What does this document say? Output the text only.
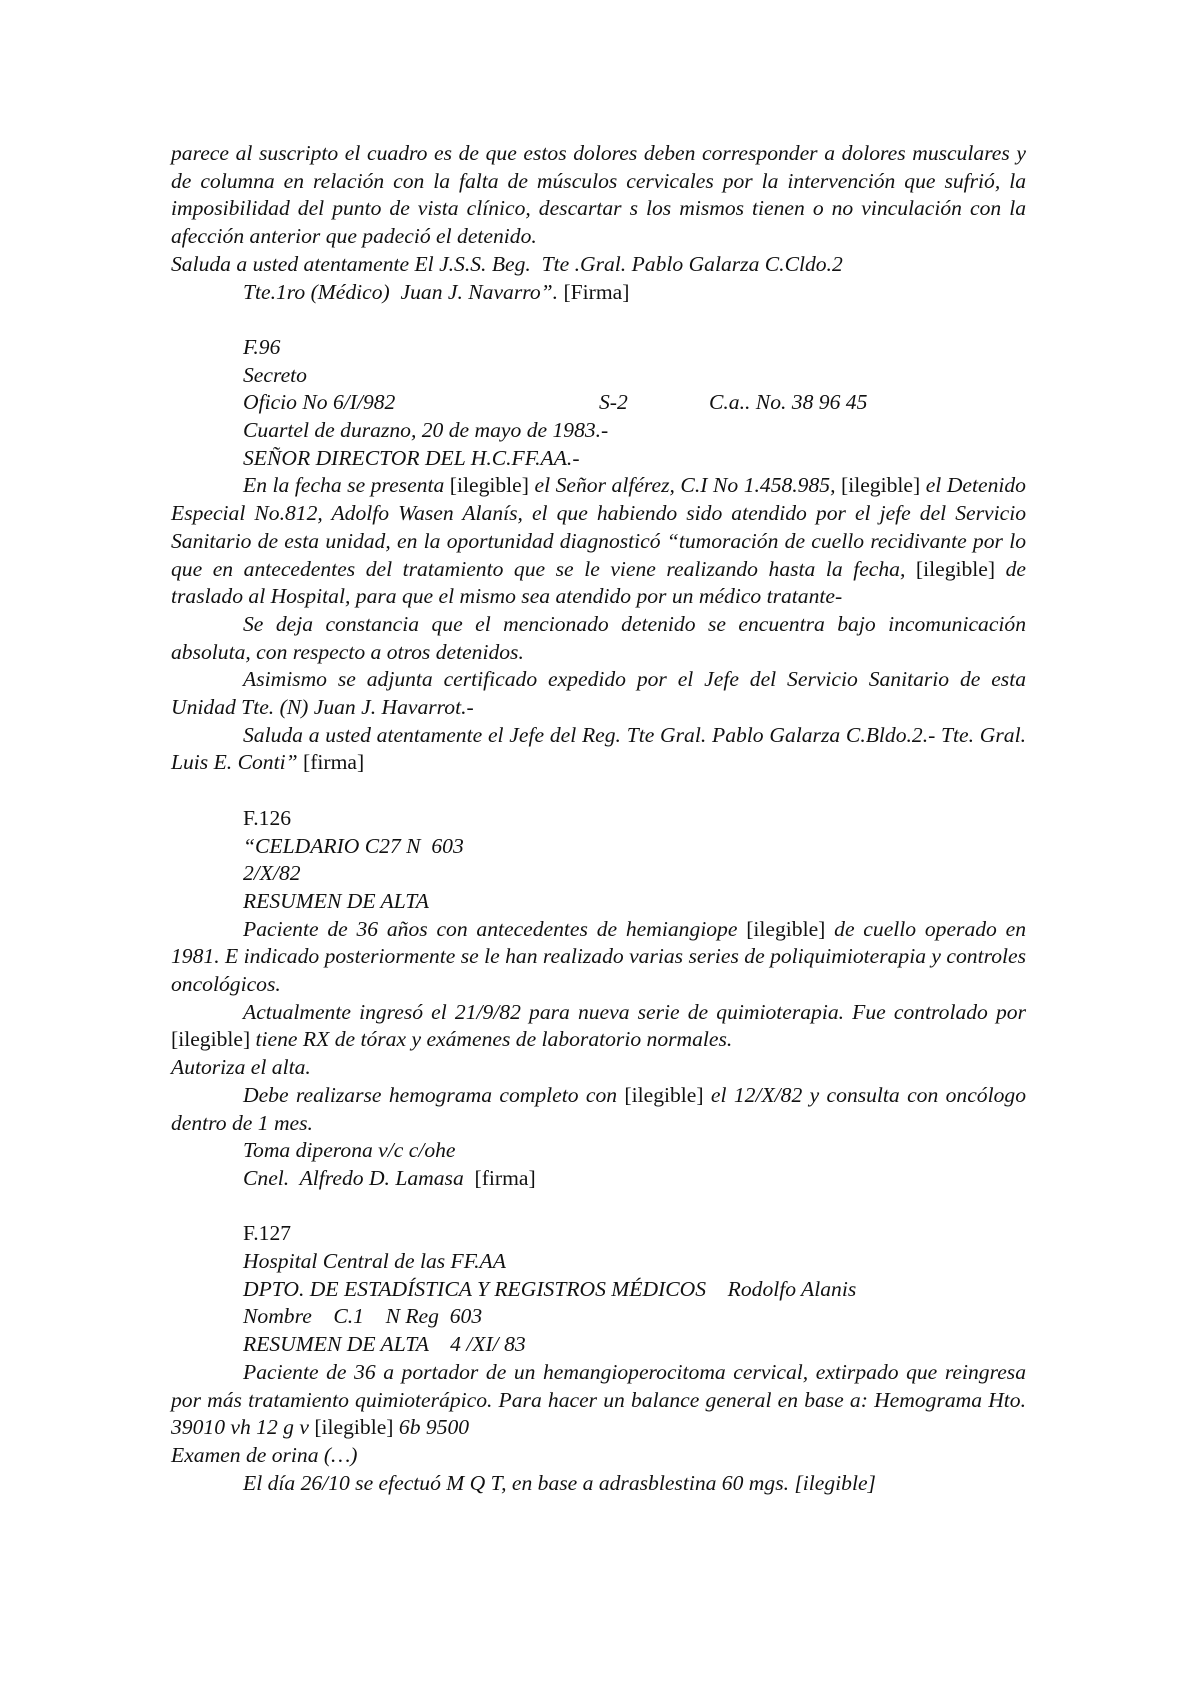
parece al suscripto el cuadro es de que estos dolores deben corresponder a dolores musculares y de columna en relación con la falta de músculos cervicales por la intervención que sufrió, la imposibilidad del punto de vista clínico, descartar s los mismos tienen o no vinculación con la afección anterior que padeció el detenido.
Saluda a usted atentamente El J.S.S. Beg.  Tte .Gral. Pablo Galarza C.Cldo.2
Tte.1ro (Médico)  Juan J. Navarro”. [Firma]
F.96
Secreto
Oficio No 6/I/982	S-2	C.a.. No. 38 96 45
Cuartel de durazno, 20 de mayo de 1983.-
SEÑOR DIRECTOR DEL H.C.FF.AA.-
En la fecha se presenta [ilegible] el Señor alférez, C.I No 1.458.985, [ilegible] el Detenido Especial No.812, Adolfo Wasen Alanís, el que habiendo sido atendido por el jefe del Servicio Sanitario de esta unidad, en la oportunidad diagnosticó “tumoración de cuello recidivante por lo que en antecedentes del tratamiento que se le viene realizando hasta la fecha, [ilegible] de traslado al Hospital, para que el mismo sea atendido por un médico tratante-
Se deja constancia que el mencionado detenido se encuentra bajo incomunicación absoluta, con respecto a otros detenidos.
Asimismo se adjunta certificado expedido por el Jefe del Servicio Sanitario de esta Unidad Tte. (N) Juan J. Havarrot.-
Saluda a usted atentamente el Jefe del Reg. Tte Gral. Pablo Galarza C.Bldo.2.- Tte. Gral. Luis E. Conti” [firma]
F.126
“CELDARIO C27 N  603
2/X/82
RESUMEN DE ALTA
Paciente de 36 años con antecedentes de hemiangiope [ilegible] de cuello operado en 1981. E indicado posteriormente se le han realizado varias series de poliquimioterapia y controles oncológicos.
Actualmente ingresó el 21/9/82 para nueva serie de quimioterapia. Fue controlado por [ilegible] tiene RX de tórax y exámenes de laboratorio normales.
Autoriza el alta.
Debe realizarse hemograma completo con [ilegible] el 12/X/82 y consulta con oncólogo dentro de 1 mes.
Toma diperona v/c c/ohe
Cnel.  Alfredo D. Lamasa  [firma]
F.127
Hospital Central de las FF.AA
DPTO. DE ESTADÍSTICA Y REGISTROS MÉDICOS    Rodolfo Alanis
Nombre    C.1    N Reg  603
RESUMEN DE ALTA    4 /XI/ 83
Paciente de 36 a portador de un hemangioperocitoma cervical, extirpado que reingresa por más tratamiento quimioterápico. Para hacer un balance general en base a: Hemograma Hto. 39010 vh 12 g v [ilegible] 6b 9500
Examen de orina (…)
El día 26/10 se efectuó M Q T, en base a adrasblestina 60 mgs. [ilegible]
